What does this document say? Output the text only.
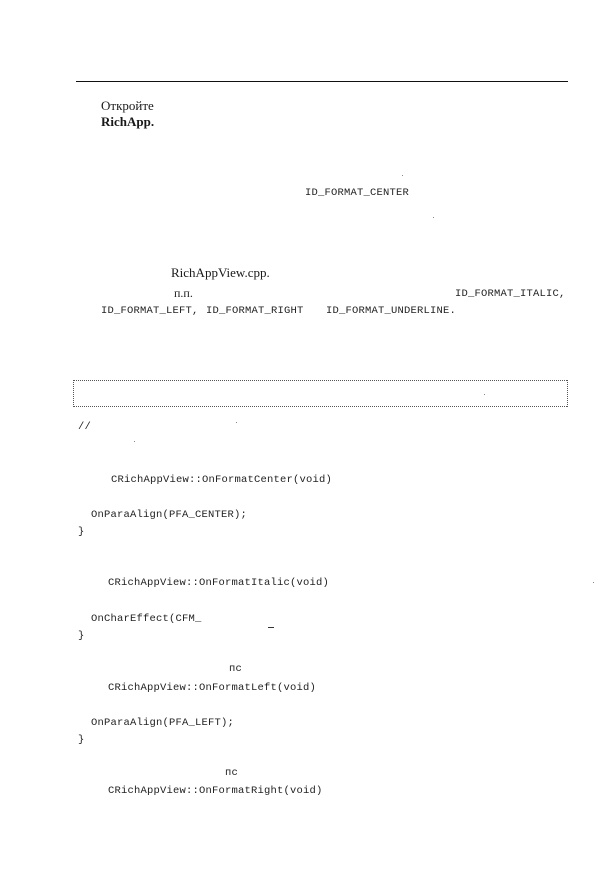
Откройте
RichApp.
ID_FORMAT_CENTER
RichAppView.cpp.
п.п.	ID_FORMAT_ITALIC,
ID_FORMAT_LEFT, ID_FORMAT_RIGHT ID_FORMAT_UNDERLINE.
//
CRichAppView::OnFormatCenter(void)
OnParaAlign(PFA_CENTER);
}
CRichAppView::OnFormatItalic(void)
OnCharEffect(CFM_
}
пс
CRichAppView::OnFormatLeft(void)
OnParaAlign(PFA_LEFT);
}
пс
CRichAppView::OnFormatRight(void)
